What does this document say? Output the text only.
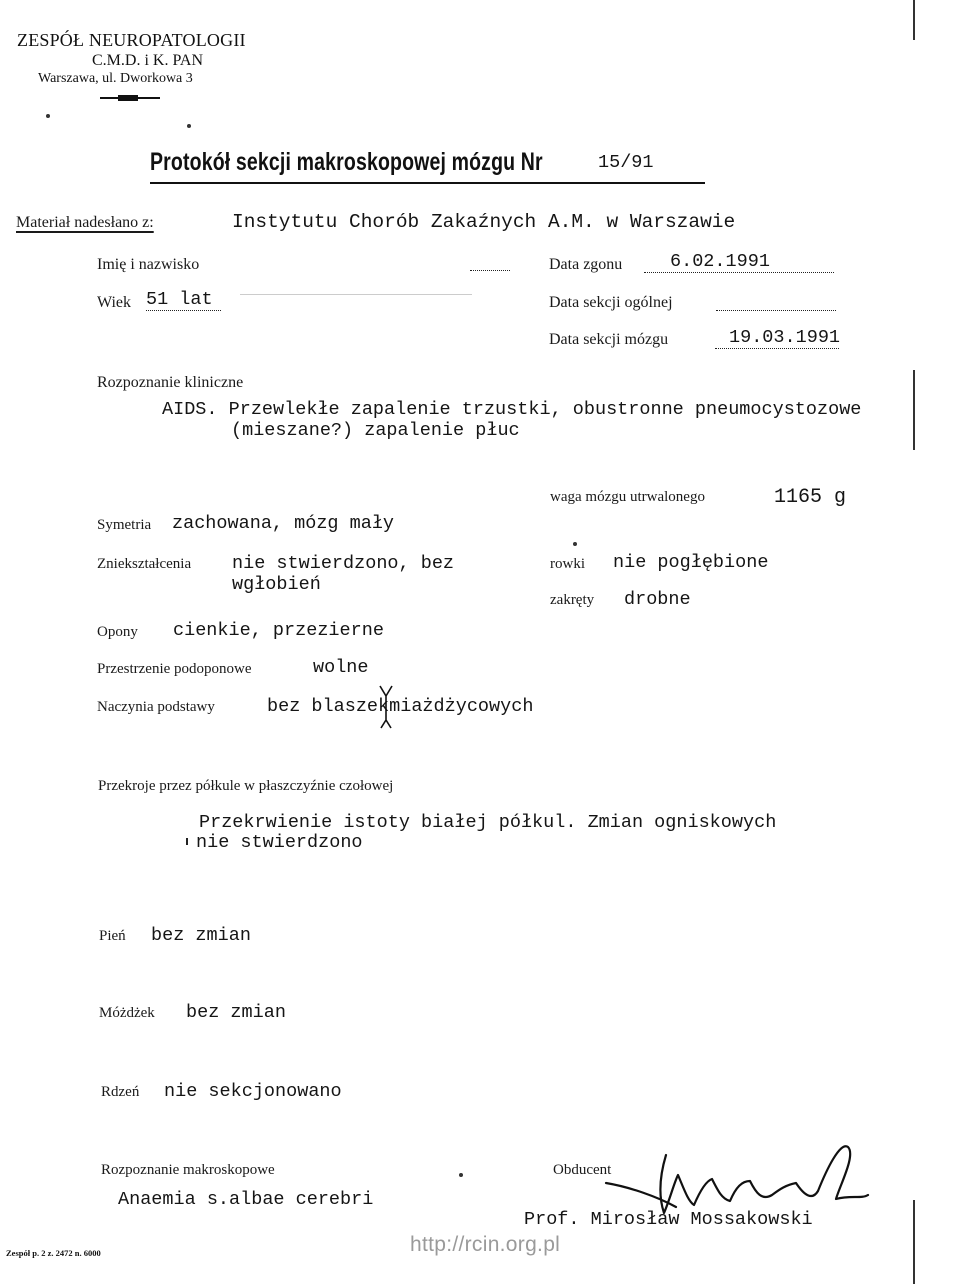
ZESPÓŁ NEUROPATOLOGII
C.M.D. i K. PAN
Warszawa, ul. Dworkowa 3
Protokół sekcji makroskopowej mózgu Nr	15/91
Materiał nadesłano z:	Instytutu Chorób Zakaźnych A.M. w Warszawie
Imię i nazwisko
Wiek 51 lat
Data zgonu	6.02.1991
Data sekcji ogólnej
Data sekcji mózgu	19.03.1991
Rozpoznanie kliniczne
AIDS. Przewlekłe zapalenie trzustki, obustronne pneumocystozowe
(mieszane?) zapalenie płuc
waga mózgu utrwalonego	1165 g
Symetria zachowana, mózg mały
Zniekształcenia nie stwierdzono, bez
wgłobień
rowki nie pogłębione
zakręty drobne
Opony cienkie, przezierne
Przestrzenie podoponowe	wolne
Naczynia podstawy	bez blaszekmiażdżycowych
Przekroje przez półkule w płaszczyźnie czołowej
Przekrwienie istoty białej półkul. Zmian ogniskowych
nie stwierdzono
Pień bez zmian
Móżdżek bez zmian
Rdzeń nie sekcjonowano
Rozpoznanie makroskopowe
Anaemia s.albae cerebri
Obducent
Prof. Mirosław Mossakowski
http://rcin.org.pl
Zespół p. 2 z. 2472 n. 6000
